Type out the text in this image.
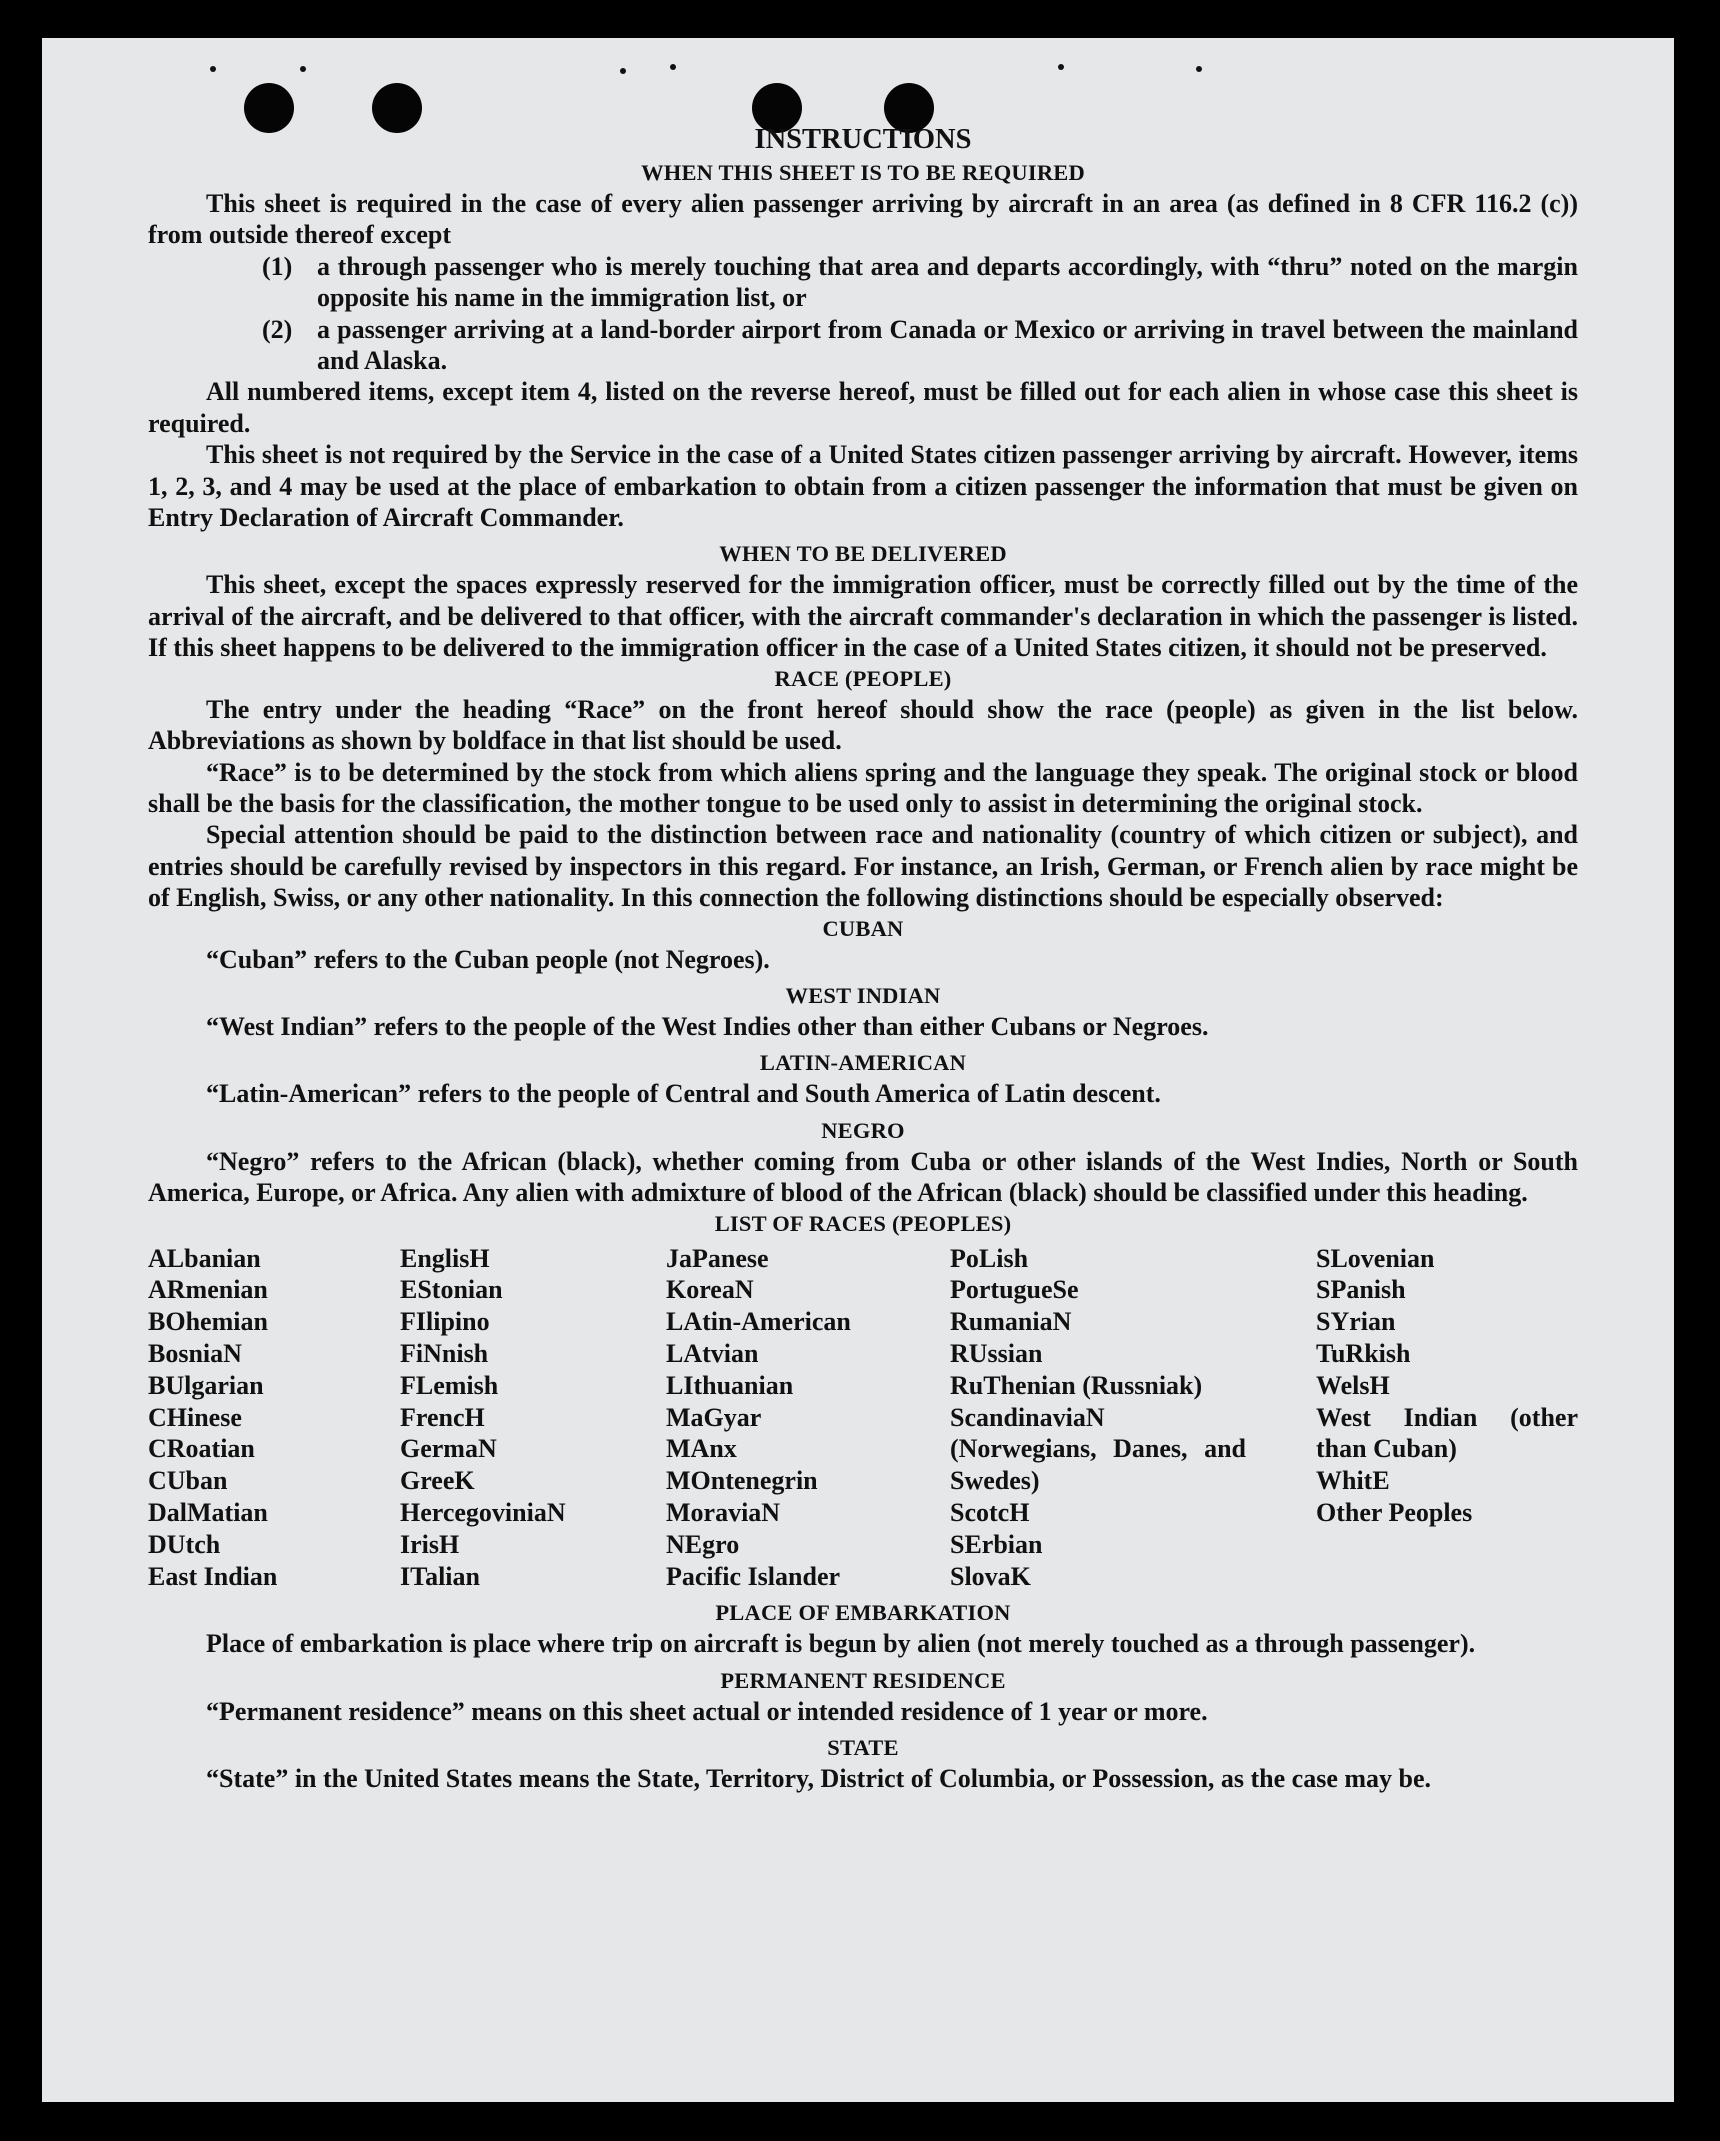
INSTRUCTIONS
WHEN THIS SHEET IS TO BE REQUIRED

This sheet is required in the case of every alien passenger arriving by aircraft in an area (as defined in 8 CFR 116.2 (c)) from outside thereof except

(1) a through passenger who is merely touching that area and departs accordingly, with “thru” noted on the margin opposite his name in the immigration list, or
(2) a passenger arriving at a land-border airport from Canada or Mexico or arriving in travel between the mainland and Alaska.

All numbered items, except item 4, listed on the reverse hereof, must be filled out for each alien in whose case this sheet is required.

This sheet is not required by the Service in the case of a United States citizen passenger arriving by aircraft. However, items 1, 2, 3, and 4 may be used at the place of embarkation to obtain from a citizen passenger the information that must be given on Entry Declaration of Aircraft Commander.

WHEN TO BE DELIVERED

This sheet, except the spaces expressly reserved for the immigration officer, must be correctly filled out by the time of the arrival of the aircraft, and be delivered to that officer, with the aircraft commander's declaration in which the passenger is listed. If this sheet happens to be delivered to the immigration officer in the case of a United States citizen, it should not be preserved.

RACE (PEOPLE)

The entry under the heading “Race” on the front hereof should show the race (people) as given in the list below. Abbreviations as shown by boldface in that list should be used.

“Race” is to be determined by the stock from which aliens spring and the language they speak. The original stock or blood shall be the basis for the classification, the mother tongue to be used only to assist in determining the original stock.

Special attention should be paid to the distinction between race and nationality (country of which citizen or subject), and entries should be carefully revised by inspectors in this regard. For instance, an Irish, German, or French alien by race might be of English, Swiss, or any other nationality. In this connection the following distinctions should be especially observed:

CUBAN

“Cuban” refers to the Cuban people (not Negroes).

WEST INDIAN

“West Indian” refers to the people of the West Indies other than either Cubans or Negroes.

LATIN-AMERICAN

“Latin-American” refers to the people of Central and South America of Latin descent.

NEGRO

“Negro” refers to the African (black), whether coming from Cuba or other islands of the West Indies, North or South America, Europe, or Africa. Any alien with admixture of blood of the African (black) should be classified under this heading.

LIST OF RACES (PEOPLES)
ALbanian
ARmenian
BOhemian
BosniaN
BUlgarian
CHinese
CRoatian
CUban
DalMatian
DUtch
East Indian
EnglisH
EStonian
FIlipino
FiNnish
FLemish
FrencH
GermaN
GreeK
HercegoviniaN
IrisH
ITalian
JaPanese
KoreaN
LAtin-American
LAtvian
LIthuanian
MaGyar
MAnx
MOntenegrin
MoraviaN
NEgro
Pacific Islander
PoLish
PortugueSe
RumaniaN
RUssian
RuThenian (Russniak)
ScandinaviaN (Norwegians, Danes, and Swedes)
ScotcH
SErbian
SlovaK
SLovenian
SPanish
SYrian
TuRkish
WelsH
West Indian (other than Cuban)
WhitE
Other Peoples
PLACE OF EMBARKATION

Place of embarkation is place where trip on aircraft is begun by alien (not merely touched as a through passenger).

PERMANENT RESIDENCE

“Permanent residence” means on this sheet actual or intended residence of 1 year or more.

STATE

“State” in the United States means the State, Territory, District of Columbia, or Possession, as the case may be.
